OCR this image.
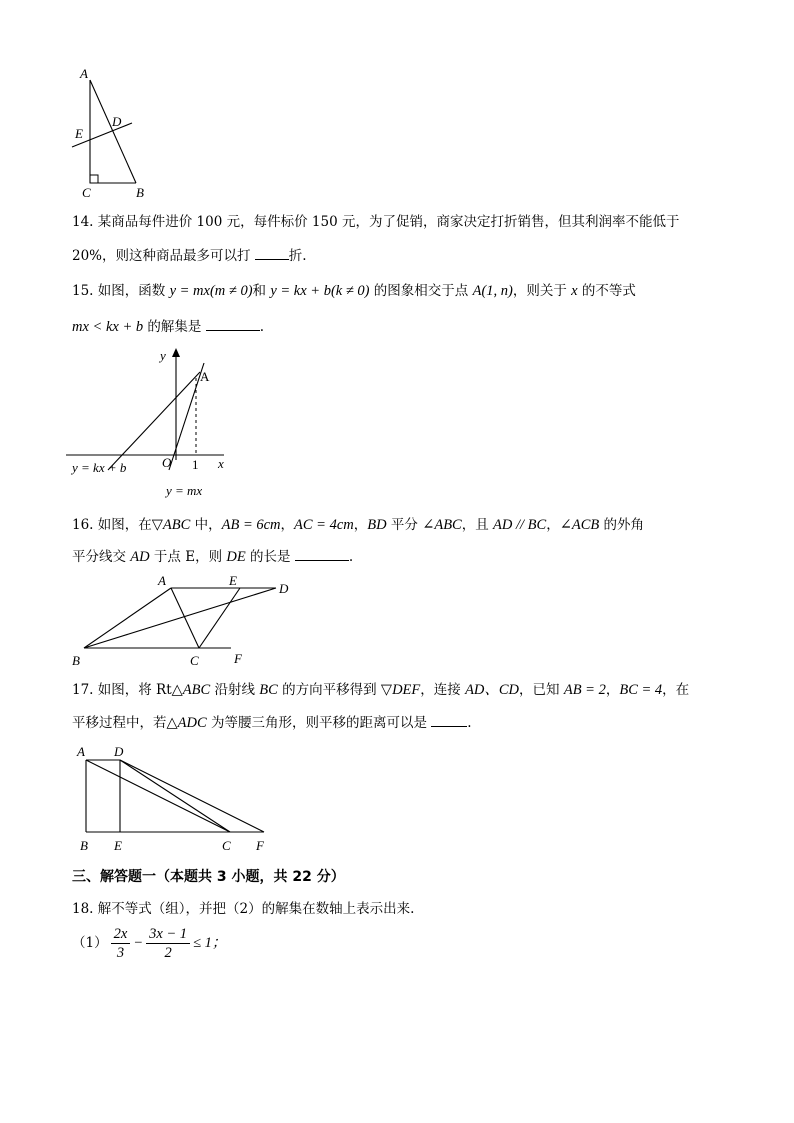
A
E
D
C	B
14. 某商品每件进价 100 元，每件标价 150 元，为了促销，商家决定打折销售，但其利润率不能低于
20%，则这种商品最多可以打	折.
15. 如图，函数 y = mx(m ≠ 0)和 y = kx + b(k ≠ 0) 的图象相交于点 A(1, n)，则关于 x 的不等式
mx < kx + b 的解集是	.
y
x
O 1
A
y = kx + b
y = mx
16. 如图，在▽ABC 中，AB = 6cm，AC = 4cm，BD 平分 ∠ABC，且 AD // BC，∠ACB 的外角
平分线交 AD 于点 E，则 DE 的长是	.
A	E
D
B	C	F
17. 如图，将 Rt△ABC 沿射线 BC 的方向平移得到 ▽DEF，连接 AD、CD，已知 AB = 2，BC = 4，在
平移过程中，若△ADC 为等腰三角形，则平移的距离可以是	.
A D
B E	C F
三、解答题一（本题共 3 小题，共 22 分）
18. 解不等式（组），并把（2）的解集在数轴上表示出来.
$(1) \frac{2x}{3} - \frac{3x - 1}{2} \le 1$；
